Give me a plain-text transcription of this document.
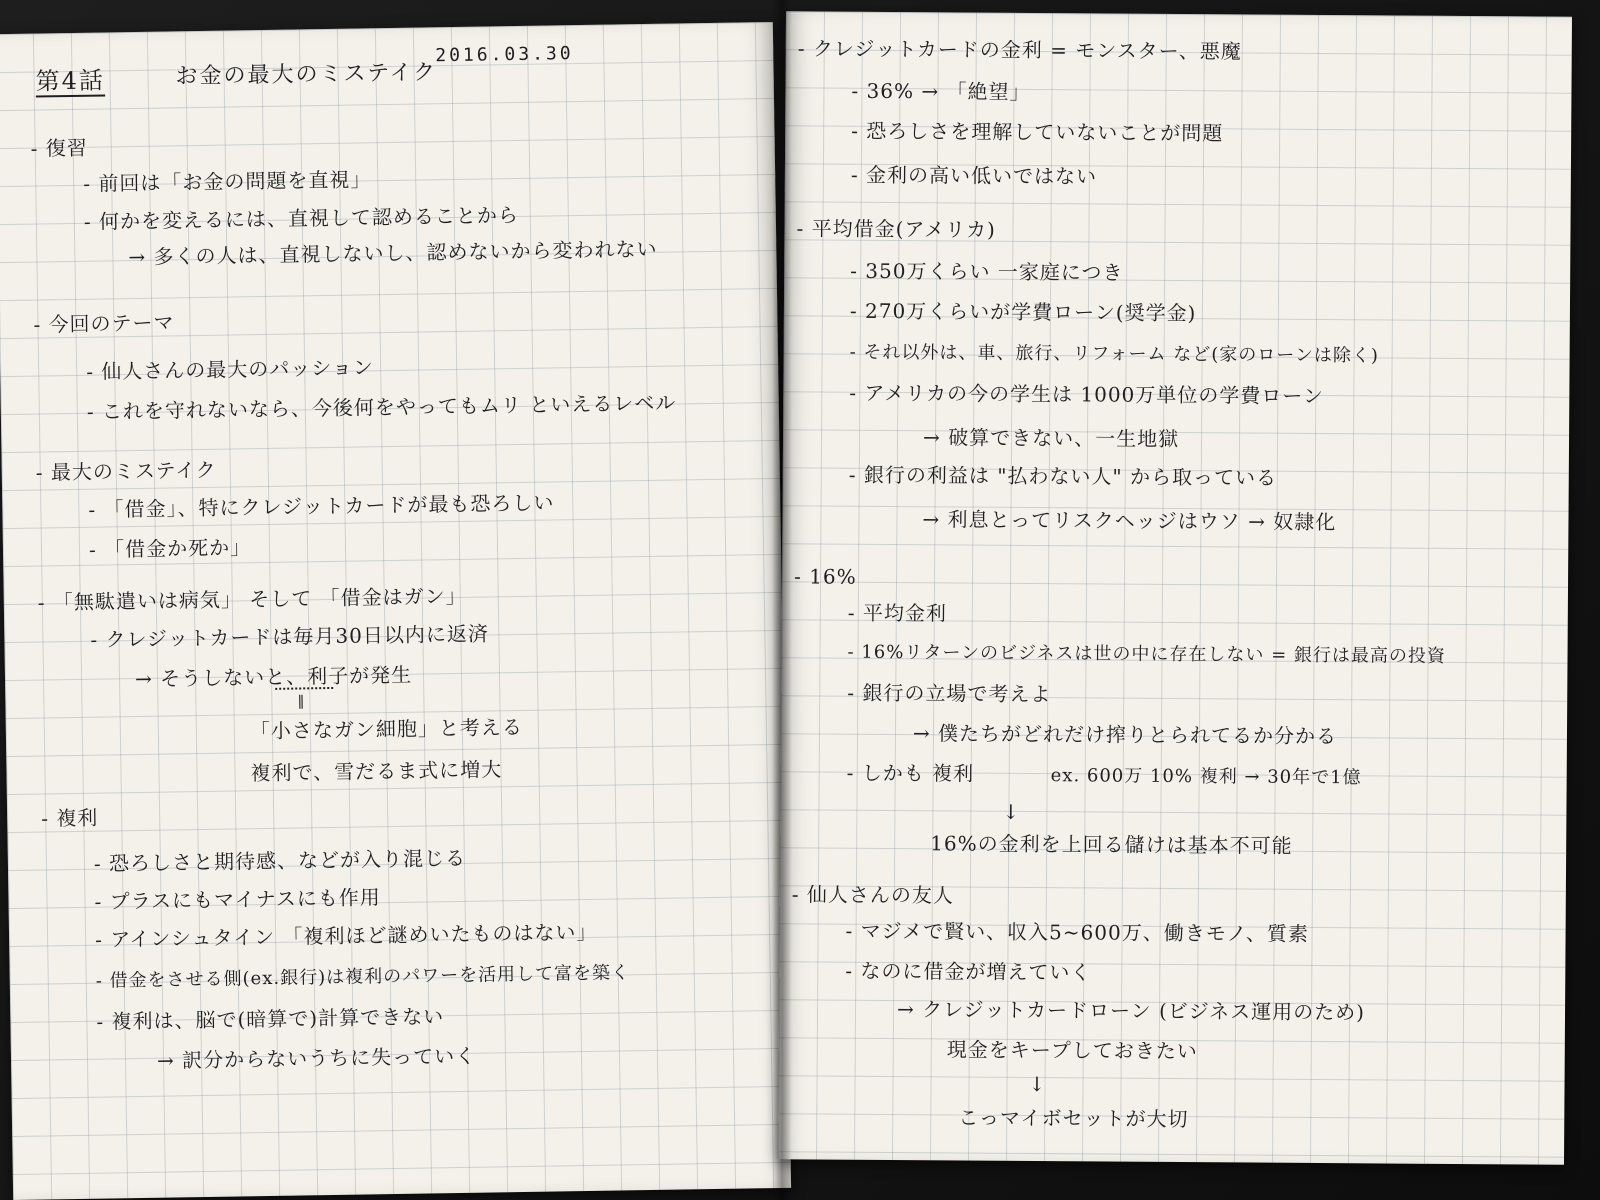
第4話	お金の最大のミステイク
2016.03.30
- 復習
- 前回は「お金の問題を直視」
- 何かを変えるには、直視して認めることから
→ 多くの人は、直視しないし、認めないから変われない
- 今回のテーマ
- 仙人さんの最大のパッション
- これを守れないなら、今後何をやってもムリ といえるレベル
- 最大のミステイク
- 「借金」、特にクレジットカードが最も恐ろしい
- 「借金か死か」
- 「無駄遣いは病気」 そして 「借金はガン」
- クレジットカードは毎月30日以内に返済
→ そうしないと、利子が発生
‖
「小さなガン細胞」と考える
複利で、雪だるま式に増大
- 複利
- 恐ろしさと期待感、などが入り混じる
- プラスにもマイナスにも作用
- アインシュタイン 「複利ほど謎めいたものはない」
- 借金をさせる側(ex.銀行)は複利のパワーを活用して富を築く
- 複利は、脳で(暗算で)計算できない
→ 訳分からないうちに失っていく
- クレジットカードの金利 = モンスター、悪魔
- 36% → 「絶望」
- 恐ろしさを理解していないことが問題
- 金利の高い低いではない
- 平均借金(アメリカ)
- 350万くらい 一家庭につき
- 270万くらいが学費ローン(奨学金)
- それ以外は、車、旅行、リフォーム など(家のローンは除く)
- アメリカの今の学生は 1000万単位の学費ローン
→ 破算できない、一生地獄
- 銀行の利益は "払わない人" から取っている
→ 利息とってリスクヘッジはウソ → 奴隷化
- 16%
- 平均金利
- 16%リターンのビジネスは世の中に存在しない = 銀行は最高の投資
- 銀行の立場で考えよ
→ 僕たちがどれだけ搾りとられてるか分かる
- しかも 複利	ex. 600万 10% 複利 → 30年で1億
↓
16%の金利を上回る儲けは基本不可能
- 仙人さんの友人
- マジメで賢い、収入5~600万、働きモノ、質素
- なのに借金が増えていく
→ クレジットカードローン (ビジネス運用のため)
現金をキープしておきたい
↓
こっマイボセットが大切
